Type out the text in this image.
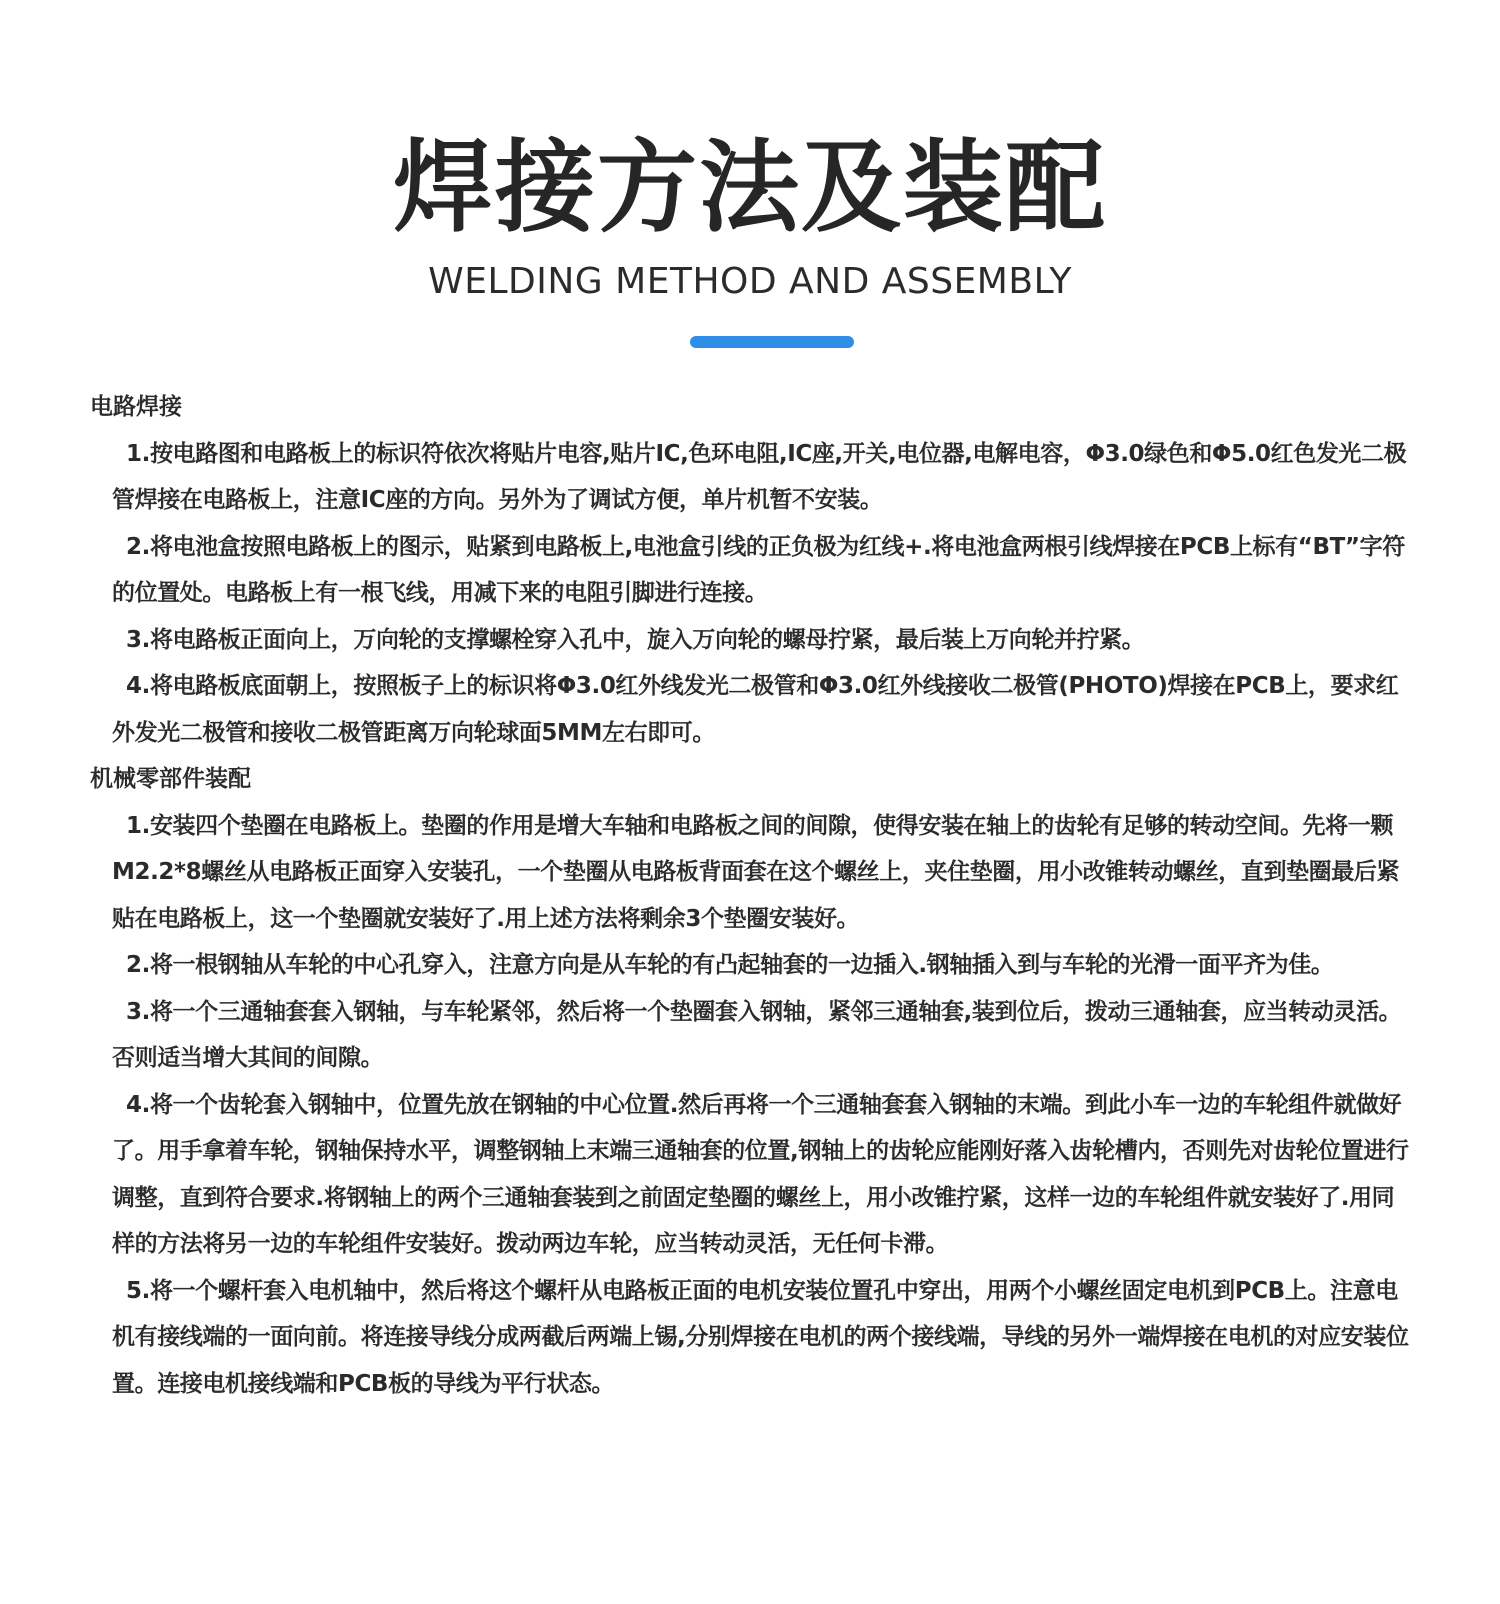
焊接方法及装配
WELDING METHOD AND ASSEMBLY

电路焊接

1.按电路图和电路板上的标识符依次将贴片电容,贴片IC,色环电阻,IC座,开关,电位器,电解电容，Φ3.0绿色和Φ5.0红色发光二极管焊接在电路板上，注意IC座的方向。另外为了调试方便，单片机暂不安装。

2.将电池盒按照电路板上的图示，贴紧到电路板上,电池盒引线的正负极为红线+.将电池盒两根引线焊接在PCB上标有“BT”字符的位置处。电路板上有一根飞线，用减下来的电阻引脚进行连接。

3.将电路板正面向上，万向轮的支撑螺栓穿入孔中，旋入万向轮的螺母拧紧，最后装上万向轮并拧紧。

4.将电路板底面朝上，按照板子上的标识将Φ3.0红外线发光二极管和Φ3.0红外线接收二极管(PHOTO)焊接在PCB上，要求红外发光二极管和接收二极管距离万向轮球面5MM左右即可。

机械零部件装配

1.安装四个垫圈在电路板上。垫圈的作用是增大车轴和电路板之间的间隙，使得安装在轴上的齿轮有足够的转动空间。先将一颗M2.2*8螺丝从电路板正面穿入安装孔，一个垫圈从电路板背面套在这个螺丝上，夹住垫圈，用小改锥转动螺丝，直到垫圈最后紧贴在电路板上，这一个垫圈就安装好了.用上述方法将剩余3个垫圈安装好。

2.将一根钢轴从车轮的中心孔穿入，注意方向是从车轮的有凸起轴套的一边插入.钢轴插入到与车轮的光滑一面平齐为佳。

3.将一个三通轴套套入钢轴，与车轮紧邻，然后将一个垫圈套入钢轴，紧邻三通轴套,装到位后，拨动三通轴套，应当转动灵活。否则适当增大其间的间隙。

4.将一个齿轮套入钢轴中，位置先放在钢轴的中心位置.然后再将一个三通轴套套入钢轴的末端。到此小车一边的车轮组件就做好了。用手拿着车轮，钢轴保持水平，调整钢轴上末端三通轴套的位置,钢轴上的齿轮应能刚好落入齿轮槽内，否则先对齿轮位置进行调整，直到符合要求.将钢轴上的两个三通轴套装到之前固定垫圈的螺丝上，用小改锥拧紧，这样一边的车轮组件就安装好了.用同样的方法将另一边的车轮组件安装好。拨动两边车轮，应当转动灵活，无任何卡滞。

5.将一个螺杆套入电机轴中，然后将这个螺杆从电路板正面的电机安装位置孔中穿出，用两个小螺丝固定电机到PCB上。注意电机有接线端的一面向前。将连接导线分成两截后两端上锡,分别焊接在电机的两个接线端，导线的另外一端焊接在电机的对应安装位置。连接电机接线端和PCB板的导线为平行状态。
